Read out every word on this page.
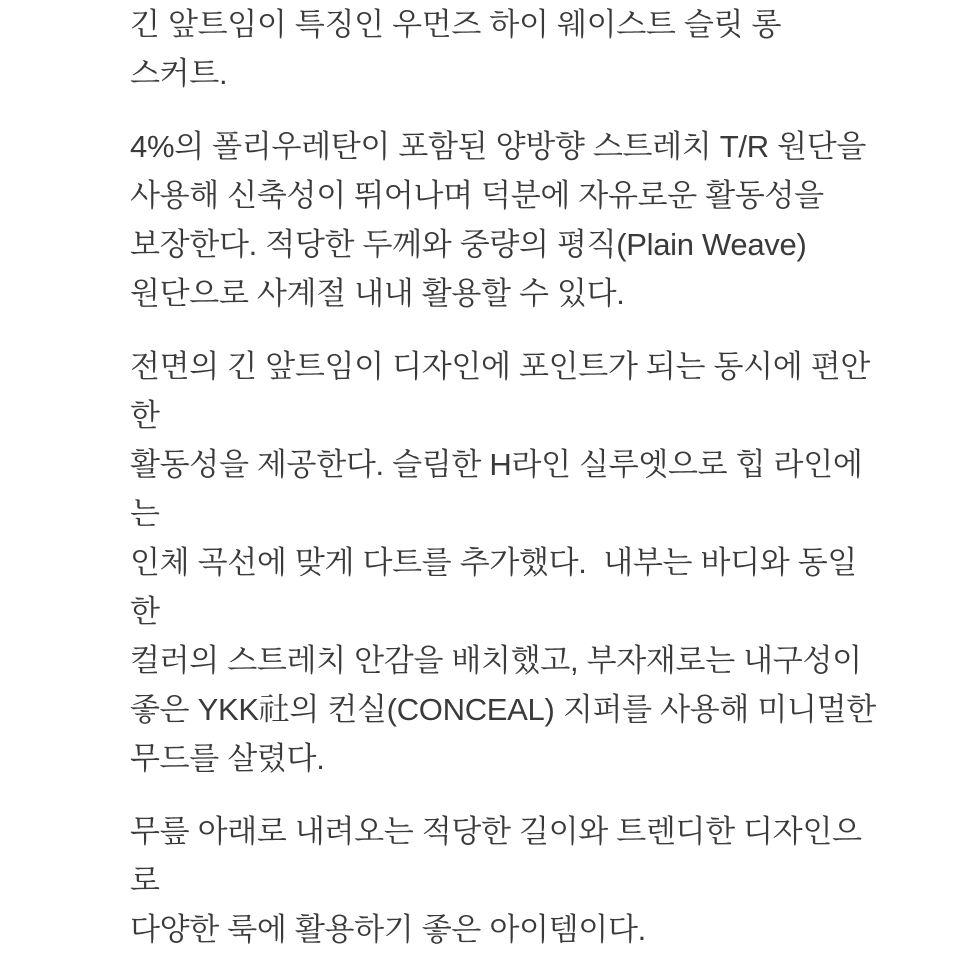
긴 앞트임이 특징인 우먼즈 하이 웨이스트 슬릿 롱
스커트.

4%의 폴리우레탄이 포함된 양방향 스트레치 T/R 원단을
사용해 신축성이 뛰어나며 덕분에 자유로운 활동성을
보장한다. 적당한 두께와 중량의 평직(Plain Weave)
원단으로 사계절 내내 활용할 수 있다.

전면의 긴 앞트임이 디자인에 포인트가 되는 동시에 편안한
활동성을 제공한다. 슬림한 H라인 실루엣으로 힙 라인에는
인체 곡선에 맞게 다트를 추가했다.  내부는 바디와 동일한
컬러의 스트레치 안감을 배치했고, 부자재로는 내구성이
좋은 YKK社의 컨실(CONCEAL) 지퍼를 사용해 미니멀한
무드를 살렸다.

무릎 아래로 내려오는 적당한 길이와 트렌디한 디자인으로
다양한 룩에 활용하기 좋은 아이템이다.
